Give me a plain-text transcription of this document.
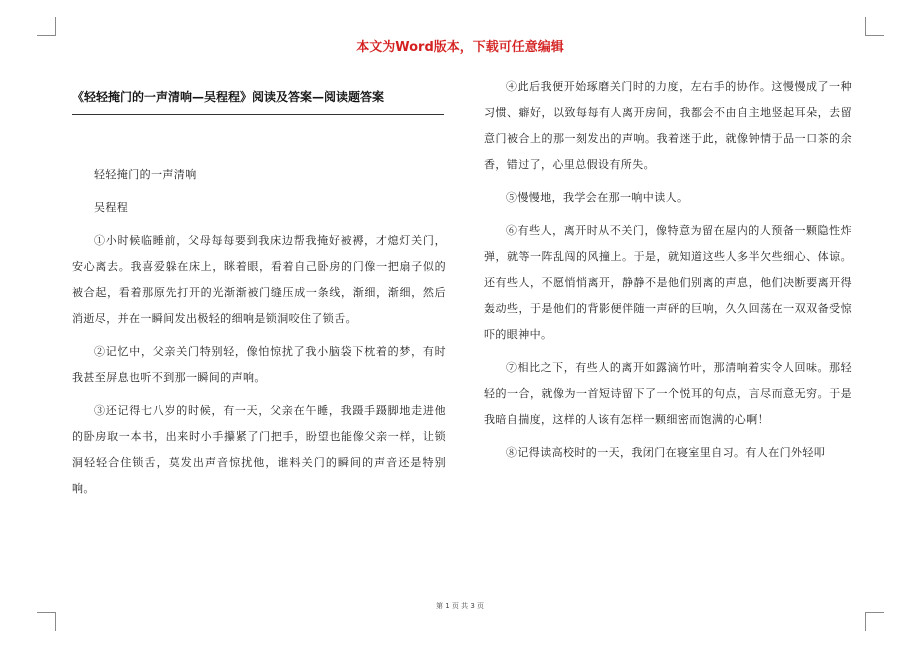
本文为Word版本，下载可任意编辑
《轻轻掩门的一声清响—吴程程》阅读及答案—阅读题答案

轻轻掩门的一声清响

吴程程

①小时候临睡前，父母每每要到我床边帮我掩好被褥，才熄灯关门，安心离去。我喜爱躲在床上，眯着眼，看着自己卧房的门像一把扇子似的被合起，看着那原先打开的光渐渐被门缝压成一条线，渐细，渐细，然后消逝尽，并在一瞬间发出极轻的细响是锁洞咬住了锁舌。

②记忆中，父亲关门特别轻，像怕惊扰了我小脑袋下枕着的梦，有时我甚至屏息也听不到那一瞬间的声响。

③还记得七八岁的时候，有一天，父亲在午睡，我蹑手蹑脚地走进他的卧房取一本书，出来时小手攥紧了门把手，盼望也能像父亲一样，让锁洞轻轻合住锁舌，莫发出声音惊扰他，谁料关门的瞬间的声音还是特别响。

④此后我便开始琢磨关门时的力度，左右手的协作。这慢慢成了一种习惯、癖好，以致每每有人离开房间，我都会不由自主地竖起耳朵，去留意门被合上的那一刻发出的声响。我着迷于此，就像钟情于品一口茶的余香，错过了，心里总假设有所失。

⑤慢慢地，我学会在那一响中读人。

⑥有些人，离开时从不关门，像特意为留在屋内的人预备一颗隐性炸弹，就等一阵乱闯的风撞上。于是，就知道这些人多半欠些细心、体谅。还有些人，不愿悄悄离开，静静不是他们别离的声息，他们决断要离开得轰动些，于是他们的背影便伴随一声砰的巨响，久久回荡在一双双备受惊吓的眼神中。

⑦相比之下，有些人的离开如露滴竹叶，那清响着实令人回味。那轻轻的一合，就像为一首短诗留下了一个悦耳的句点，言尽而意无穷。于是我暗自揣度，这样的人该有怎样一颗细密而饱满的心啊！

⑧记得读高校时的一天，我闭门在寝室里自习。有人在门外轻叩

第 1 页 共 3 页
